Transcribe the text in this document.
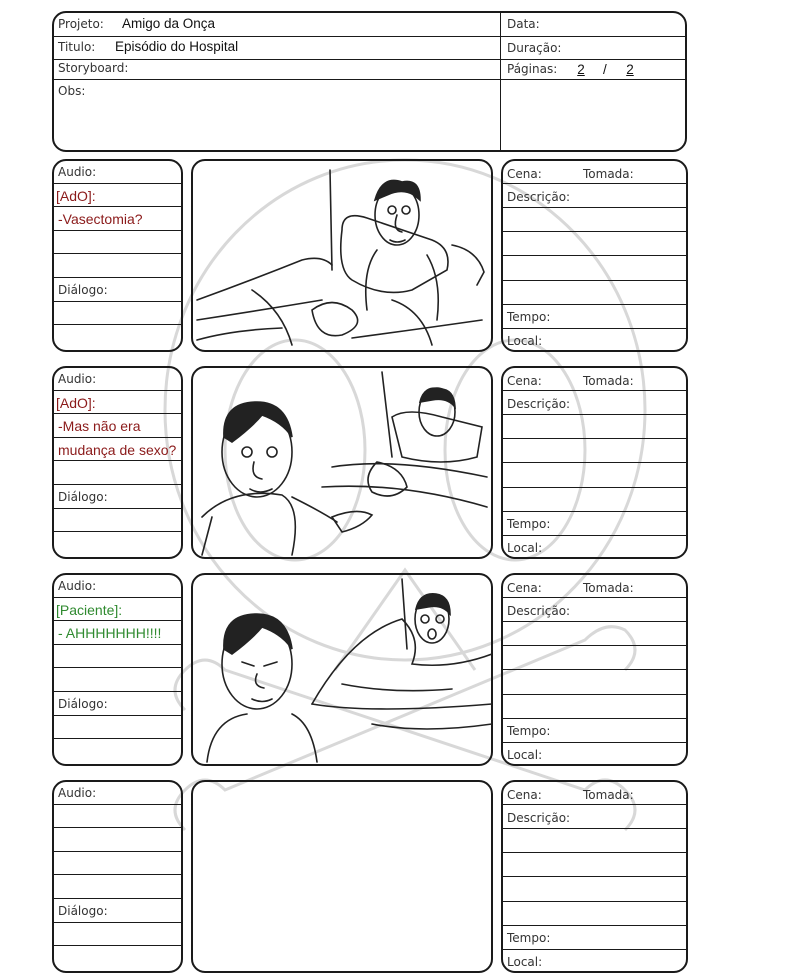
Projeto: Amigo da Onça
Titulo: Episódio do Hospital
Storyboard:
Obs:
Data:
Duração:
Páginas:	2	/	2
Audio:
Diálogo:
[AdO]:
-Vasectomia?
Cena:	Tomada:
Descrição:
Tempo:
Local:
Audio:
Diálogo:
[AdO]:
-Mas não era
mudança de sexo?
Cena:	Tomada:
Descrição:
Tempo:
Local:
Audio:
Diálogo:
[Paciente]:
- AHHHHHHH!!!!
Cena:	Tomada:
Descrição:
Tempo:
Local:
Audio:
Diálogo:
Cena:	Tomada:
Descrição:
Tempo:
Local:
